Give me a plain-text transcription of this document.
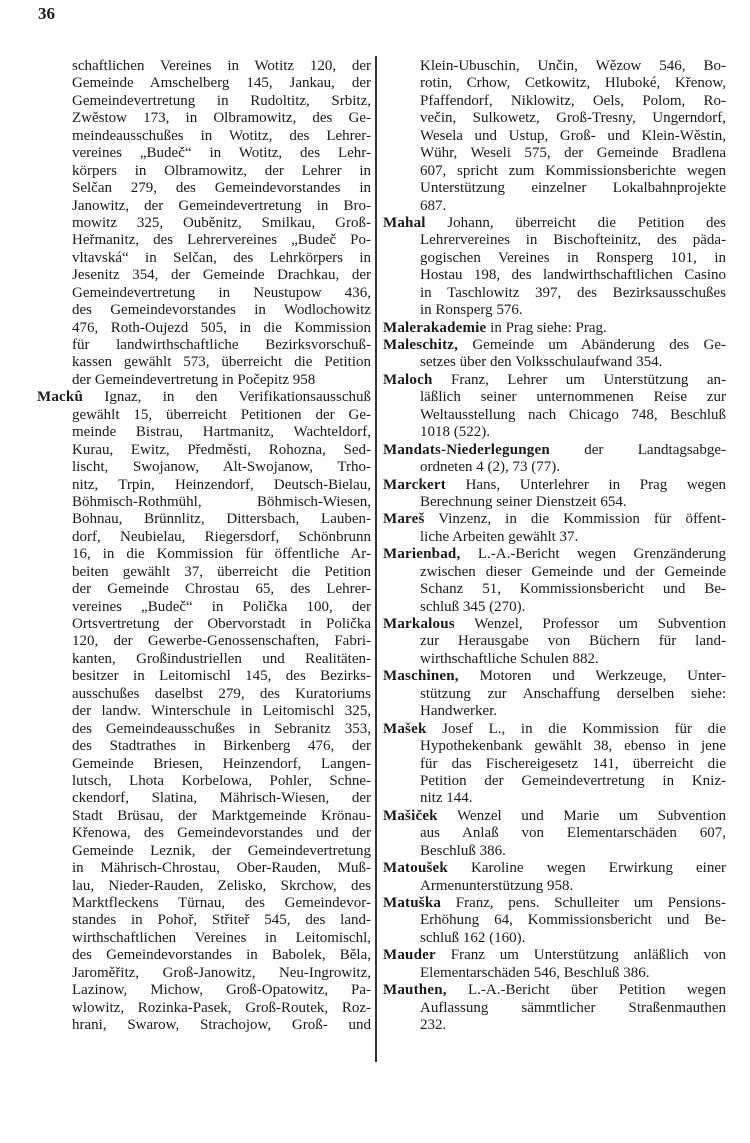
36
schaftlichen Vereines in Wotitz 120, der
Gemeinde Amschelberg 145, Jankau, der
Gemeindevertretung in Rudoltitz, Srbitz,
Zwěstow 173, in Olbramowitz, des Ge-
meindeausschußes in Wotitz, des Lehrer-
vereines „Budeč“ in Wotitz, des Lehr-
körpers in Olbramowitz, der Lehrer in
Selčan 279, des Gemeindevorstandes in
Janowitz, der Gemeindevertretung in Bro-
mowitz 325, Ouběnitz, Smilkau, Groß-
Heřmanitz, des Lehrervereines „Budeč Po-
vltavská“ in Selčan, des Lehrkörpers in
Jesenitz 354, der Gemeinde Drachkau, der
Gemeindevertretung in Neustupow 436,
des Gemeindevorstandes in Wodlochowitz
476, Roth-Oujezd 505, in die Kommission
für landwirthschaftliche Bezirksvorschuß-
kassen gewählt 573, überreicht die Petition
der Gemeindevertretung in Počepitz 958
Mackû Ignaz, in den Verifikationsausschuß
gewählt 15, überreicht Petitionen der Ge-
meinde Bistrau, Hartmanitz, Wachteldorf,
Kurau, Ewitz, Předměsti, Rohozna, Sed-
lischt, Swojanow, Alt-Swojanow, Trho-
nitz, Trpin, Heinzendorf, Deutsch-Bielau,
Böhmisch-Rothmühl, Böhmisch-Wiesen,
Bohnau, Brünnlitz, Dittersbach, Lauben-
dorf, Neubielau, Riegersdorf, Schönbrunn
16, in die Kommission für öffentliche Ar-
beiten gewählt 37, überreicht die Petition
der Gemeinde Chrostau 65, des Lehrer-
vereines „Budeč“ in Polička 100, der
Ortsvertretung der Obervorstadt in Polička
120, der Gewerbe-Genossenschaften, Fabri-
kanten, Großindustriellen und Realitäten-
besitzer in Leitomischl 145, des Bezirks-
ausschußes daselbst 279, des Kuratoriums
der landw. Winterschule in Leitomischl 325,
des Gemeindeausschußes in Sebranitz 353,
des Stadtrathes in Birkenberg 476, der
Gemeinde Briesen, Heinzendorf, Langen-
lutsch, Lhota Korbelowa, Pohler, Schne-
ckendorf, Slatina, Mährisch-Wiesen, der
Stadt Brüsau, der Marktgemeinde Krönau-
Křenowa, des Gemeindevorstandes und der
Gemeinde Leznik, der Gemeindevertretung
in Mährisch-Chrostau, Ober-Rauden, Muß-
lau, Nieder-Rauden, Zelisko, Skrchow, des
Marktfleckens Türnau, des Gemeindevor-
standes in Pohoř, Střiteř 545, des land-
wirthschaftlichen Vereines in Leitomischl,
des Gemeindevorstandes in Babolek, Běla,
Jaroměřitz, Groß-Janowitz, Neu-Ingrowitz,
Lazinow, Michow, Groß-Opatowitz, Pa-
wlowitz, Rozinka-Pasek, Groß-Routek, Roz-
hrani, Swarow, Strachojow, Groß- und
Klein-Ubuschin, Unčin, Wězow 546, Bo-
rotin, Crhow, Cetkowitz, Hluboké, Křenow,
Pfaffendorf, Niklowitz, Oels, Polom, Ro-
večin, Sulkowetz, Groß-Tresny, Ungerndorf,
Wesela und Ustup, Groß- und Klein-Wěstin,
Wühr, Weseli 575, der Gemeinde Bradlena
607, spricht zum Kommissionsberichte wegen
Unterstützung einzelner Lokalbahnprojekte
687.
Mahal Johann, überreicht die Petition des
Lehrervereines in Bischofteinitz, des päda-
gogischen Vereines in Ronsperg 101, in
Hostau 198, des landwirthschaftlichen Casino
in Taschlowitz 397, des Bezirksausschußes
in Ronsperg 576.
Malerakademie in Prag siehe: Prag.
Maleschitz, Gemeinde um Abänderung des Ge-
setzes über den Volksschulaufwand 354.
Maloch Franz, Lehrer um Unterstützung an-
läßlich seiner unternommenen Reise zur
Weltausstellung nach Chicago 748, Beschluß
1018 (522).
Mandats-Niederlegungen der Landtagsabge-
ordneten 4 (2), 73 (77).
Marckert Hans, Unterlehrer in Prag wegen
Berechnung seiner Dienstzeit 654.
Mareš Vinzenz, in die Kommission für öffent-
liche Arbeiten gewählt 37.
Marienbad, L.-A.-Bericht wegen Grenzänderung
zwischen dieser Gemeinde und der Gemeinde
Schanz 51, Kommissionsbericht und Be-
schluß 345 (270).
Markalous Wenzel, Professor um Subvention
zur Herausgabe von Büchern für land-
wirthschaftliche Schulen 882.
Maschinen, Motoren und Werkzeuge, Unter-
stützung zur Anschaffung derselben siehe:
Handwerker.
Mašek Josef L., in die Kommission für die
Hypothekenbank gewählt 38, ebenso in jene
für das Fischereigesetz 141, überreicht die
Petition der Gemeindevertretung in Kniz-
nitz 144.
Mašiček Wenzel und Marie um Subvention
aus Anlaß von Elementarschäden 607,
Beschluß 386.
Matoušek Karoline wegen Erwirkung einer
Armenunterstützung 958.
Matuška Franz, pens. Schulleiter um Pensions-
Erhöhung 64, Kommissionsbericht und Be-
schluß 162 (160).
Mauder Franz um Unterstützung anläßlich von
Elementarschäden 546, Beschluß 386.
Mauthen, L.-A.-Bericht über Petition wegen
Auflassung sämmtlicher Straßenmauthen
232.
